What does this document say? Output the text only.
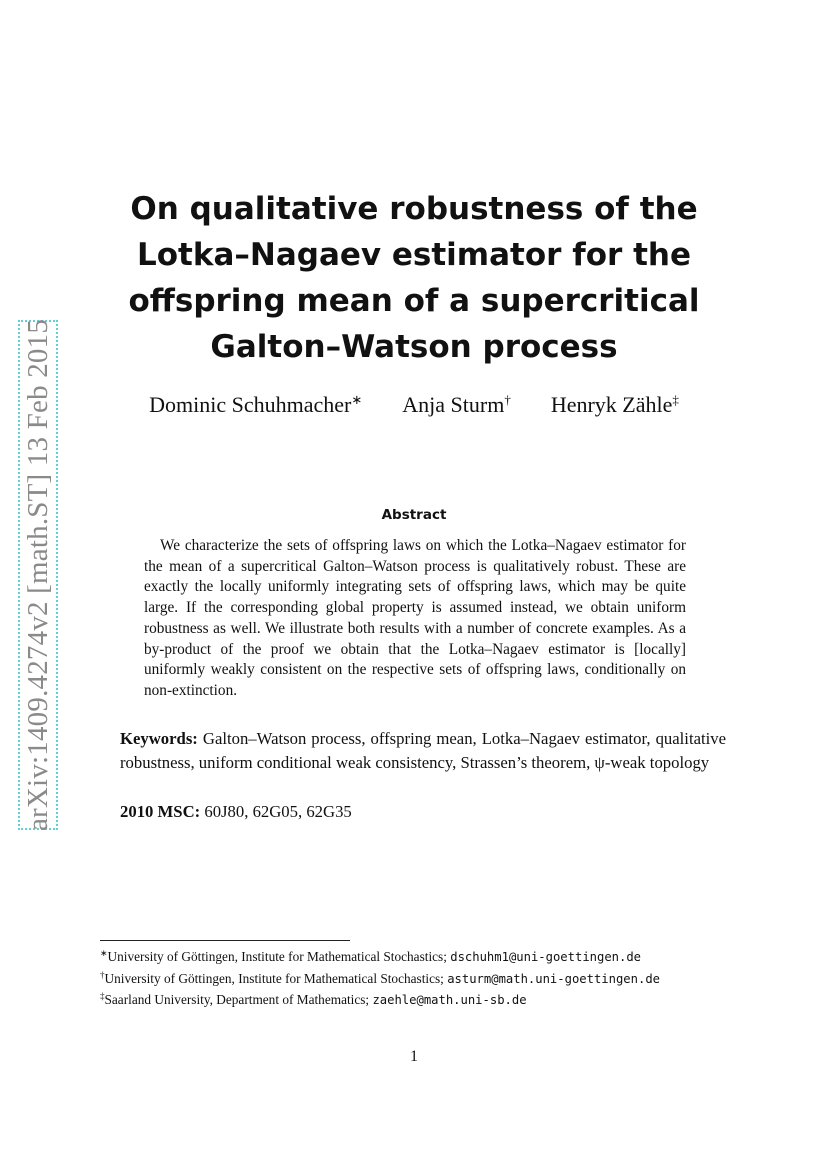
arXiv:1409.4274v2 [math.ST] 13 Feb 2015
On qualitative robustness of the
Lotka–Nagaev estimator for the
offspring mean of a supercritical
Galton–Watson process
Dominic Schuhmacher∗ Anja Sturm† Henryk Zähle‡
Abstract

We characterize the sets of offspring laws on which the Lotka–Nagaev estimator for the mean of a supercritical Galton–Watson process is qualitatively robust. These are exactly the locally uniformly integrating sets of offspring laws, which may be quite large. If the corresponding global property is assumed instead, we obtain uniform robustness as well. We illustrate both results with a number of concrete examples. As a by-product of the proof we obtain that the Lotka–Nagaev estimator is [locally] uniformly weakly consistent on the respective sets of offspring laws, conditionally on non-extinction.

Keywords: Galton–Watson process, offspring mean, Lotka–Nagaev estimator, qualitative robustness, uniform conditional weak consistency, Strassen’s theorem, ψ-weak topology

2010 MSC: 60J80, 62G05, 62G35

∗University of Göttingen, Institute for Mathematical Stochastics; dschuhm1@uni-goettingen.de
†University of Göttingen, Institute for Mathematical Stochastics; asturm@math.uni-goettingen.de
‡Saarland University, Department of Mathematics; zaehle@math.uni-sb.de
1
